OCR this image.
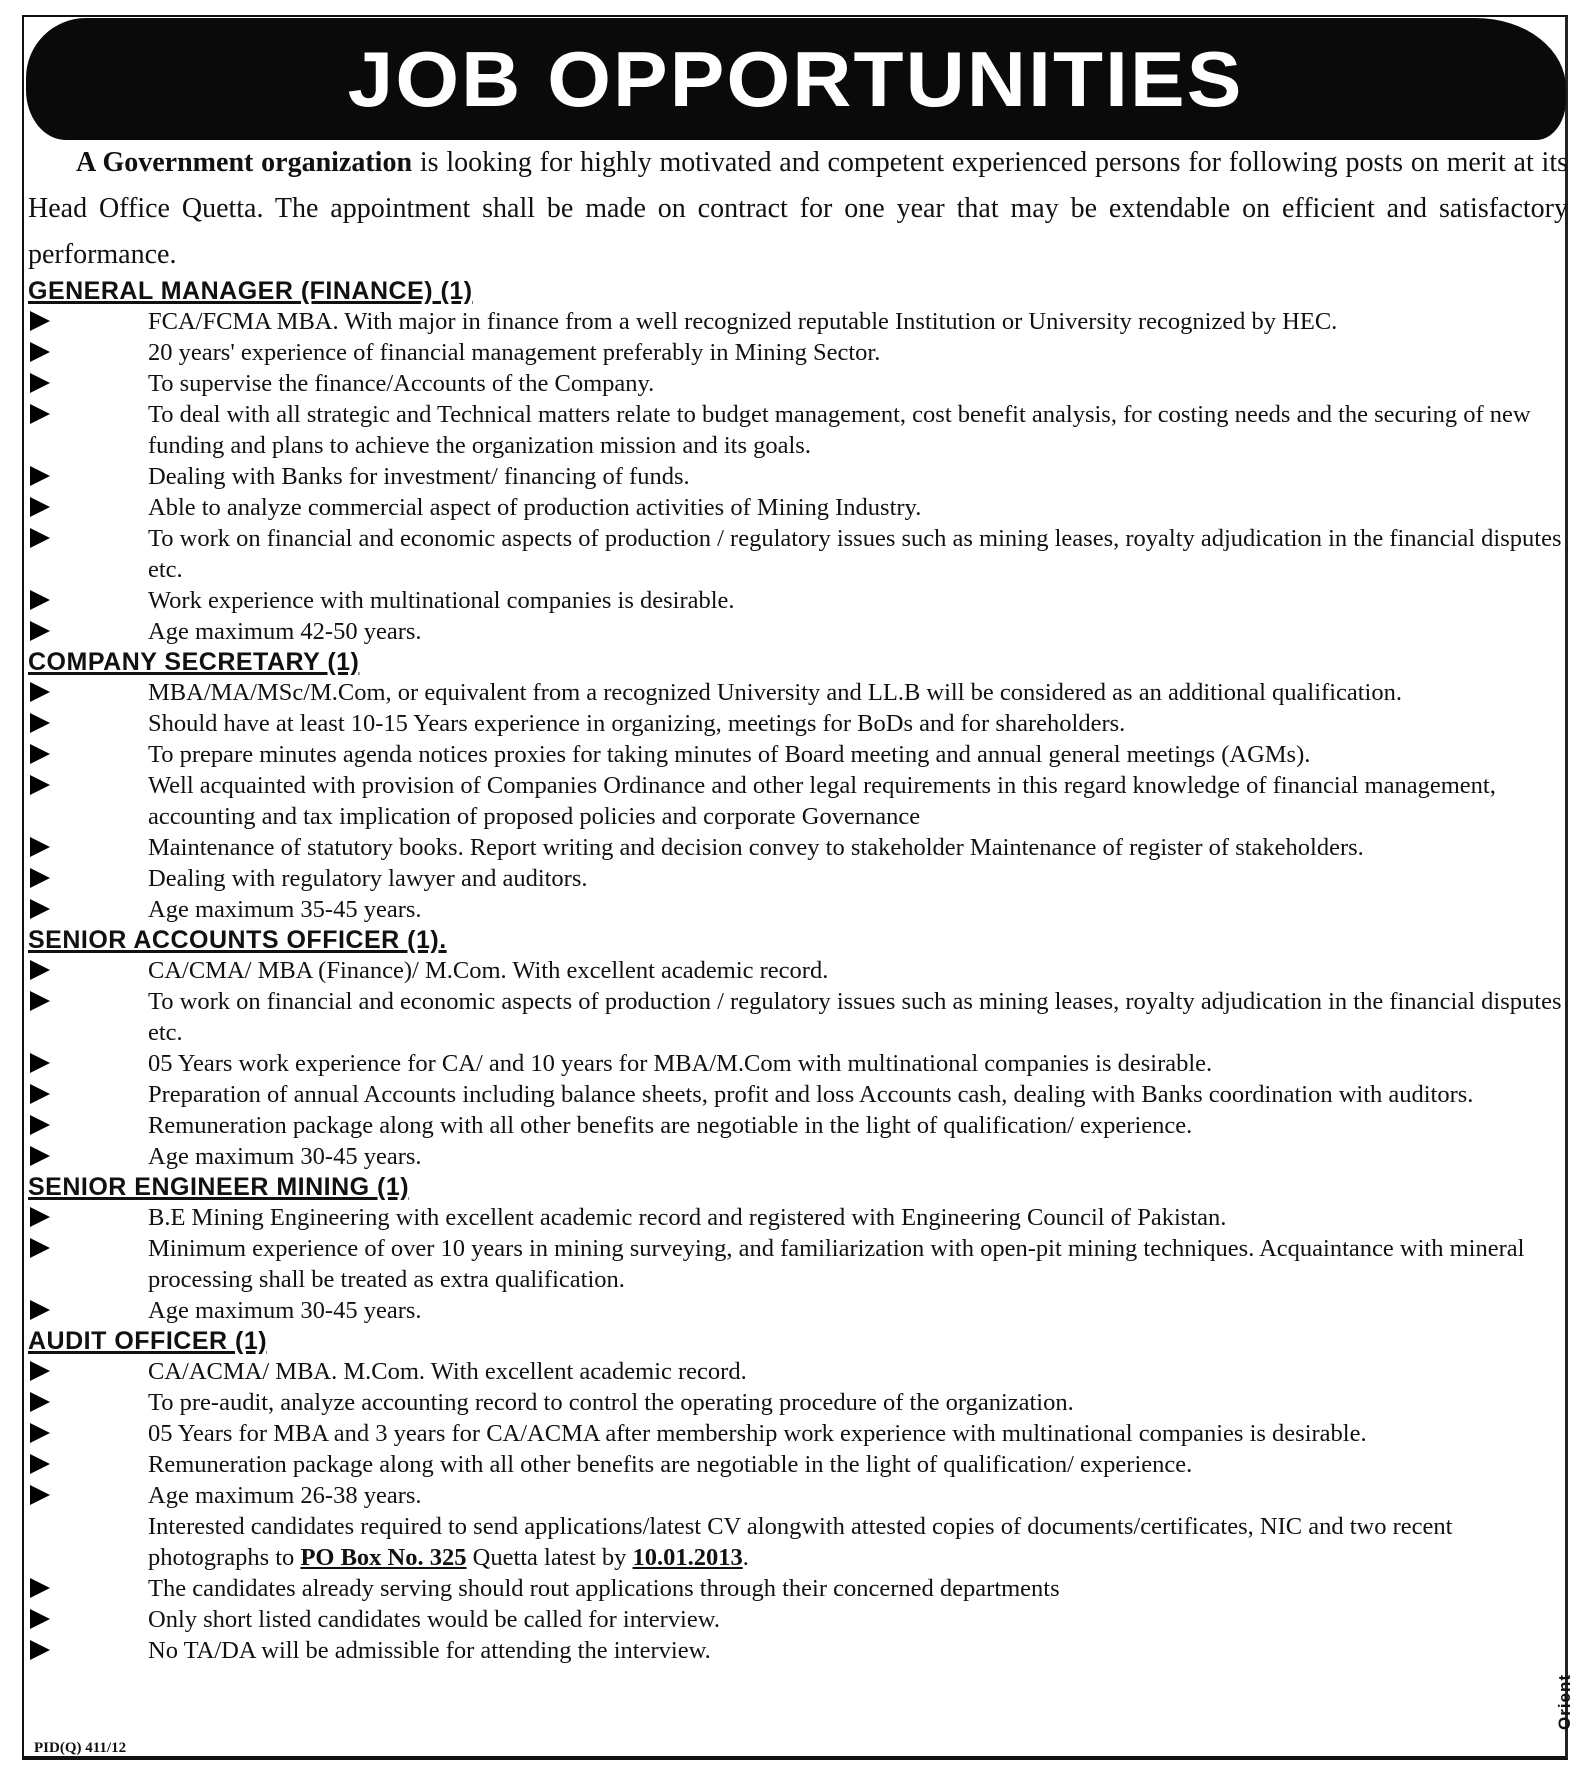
JOB OPPORTUNITIES

A Government organization is looking for highly motivated and competent experienced persons for following posts on merit at its Head Office Quetta. The appointment shall be made on contract for one year that may be extendable on efficient and satisfactory performance.

GENERAL MANAGER (FINANCE) (1)
FCA/FCMA MBA. With major in finance from a well recognized reputable Institution or University recognized by HEC.
20 years' experience of financial management preferably in Mining Sector.
To supervise the finance/Accounts of the Company.
To deal with all strategic and Technical matters relate to budget management, cost benefit analysis, for costing needs and the securing of new funding and plans to achieve the organization mission and its goals.
Dealing with Banks for investment/ financing of funds.
Able to analyze commercial aspect of production activities of Mining Industry.
To work on financial and economic aspects of production / regulatory issues such as mining leases, royalty adjudication in the financial disputes etc.
Work experience with multinational companies is desirable.
Age maximum 42-50 years.
COMPANY SECRETARY (1)
MBA/MA/MSc/M.Com, or equivalent from a recognized University and LL.B will be considered as an additional qualification.
Should have at least 10-15 Years experience in organizing, meetings for BoDs and for shareholders.
To prepare minutes agenda notices proxies for taking minutes of Board meeting and annual general meetings (AGMs).
Well acquainted with provision of Companies Ordinance and other legal requirements in this regard knowledge of financial management, accounting and tax implication of proposed policies and corporate Governance
Maintenance of statutory books. Report writing and decision convey to stakeholder Maintenance of register of stakeholders.
Dealing with regulatory lawyer and auditors.
Age maximum 35-45 years.
SENIOR ACCOUNTS OFFICER (1).
CA/CMA/ MBA (Finance)/ M.Com. With excellent academic record.
To work on financial and economic aspects of production / regulatory issues such as mining leases, royalty adjudication in the financial disputes etc.
05 Years work experience for CA/ and 10 years for MBA/M.Com with multinational companies is desirable.
Preparation of annual Accounts including balance sheets, profit and loss Accounts cash, dealing with Banks coordination with auditors.
Remuneration package along with all other benefits are negotiable in the light of qualification/ experience.
Age maximum 30-45 years.
SENIOR ENGINEER MINING (1)
B.E Mining Engineering with excellent academic record and registered with Engineering Council of Pakistan.
Minimum experience of over 10 years in mining surveying, and familiarization with open-pit mining techniques. Acquaintance with mineral processing shall be treated as extra qualification.
Age maximum 30-45 years.
AUDIT OFFICER (1)
CA/ACMA/ MBA. M.Com. With excellent academic record.
To pre-audit, analyze accounting record to control the operating procedure of the organization.
05 Years for MBA and 3 years for CA/ACMA after membership work experience with multinational companies is desirable.
Remuneration package along with all other benefits are negotiable in the light of qualification/ experience.
Age maximum 26-38 years.
Interested candidates required to send applications/latest CV alongwith attested copies of documents/certificates, NIC and two recent photographs to PO Box No. 325 Quetta latest by 10.01.2013.
The candidates already serving should rout applications through their concerned departments
Only short listed candidates would be called for interview.
No TA/DA will be admissible for attending the interview.
PID(Q) 411/12
Orient
